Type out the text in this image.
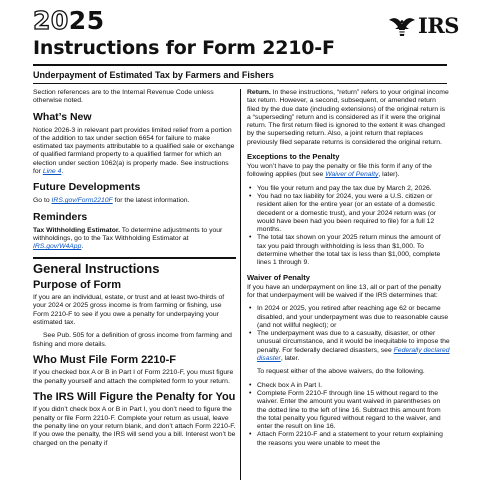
2025	IRS
Instructions for Form 2210-F
Underpayment of Estimated Tax by Farmers and Fishers

Section references are to the Internal Revenue Code unless otherwise noted.

What’s New

Notice 2026-3 in relevant part provides limited relief from a portion of the addition to tax under section 6654 for failure to make estimated tax payments attributable to a qualified sale or exchange of qualified farmland property to a qualified farmer for which an election under section 1062(a) is properly made. See instructions for Line 4.

Future Developments

Go to IRS.gov/Form2210F for the latest information.

Reminders

Tax Withholding Estimator. To determine adjustments to your withholdings, go to the Tax Withholding Estimator at IRS.gov/W4App.

General Instructions
Purpose of Form

If you are an individual, estate, or trust and at least two-thirds of your 2024 or 2025 gross income is from farming or fishing, use Form 2210-F to see if you owe a penalty for underpaying your estimated tax.

See Pub. 505 for a definition of gross income from farming and fishing and more details.

Who Must File Form 2210-F

If you checked box A or B in Part I of Form 2210-F, you must figure the penalty yourself and attach the completed form to your return.

The IRS Will Figure the Penalty for You

If you didn’t check box A or B in Part I, you don’t need to figure the penalty or file Form 2210-F. Complete your return as usual, leave the penalty line on your return blank, and don’t attach Form 2210-F. If you owe the penalty, the IRS will send you a bill. Interest won’t be charged on the penalty if

Return. In these instructions, “return” refers to your original income tax return. However, a second, subsequent, or amended return filed by the due date (including extensions) of the original return is a “superseding” return and is considered as if it were the original return. The first return filed is ignored to the extent it was changed by the superseding return. Also, a joint return that replaces previously filed separate returns is considered the original return.

Exceptions to the Penalty

You won’t have to pay the penalty or file this form if any of the following applies (but see Waiver of Penalty, later).

• You file your return and pay the tax due by March 2, 2026.
• You had no tax liability for 2024, you were a U.S. citizen or resident alien for the entire year (or an estate of a domestic decedent or a domestic trust), and your 2024 return was (or would have been had you been required to file) for a full 12 months.
• The total tax shown on your 2025 return minus the amount of tax you paid through withholding is less than $1,000. To determine whether the total tax is less than $1,000, complete lines 1 through 9.
Waiver of Penalty

If you have an underpayment on line 13, all or part of the penalty for that underpayment will be waived if the IRS determines that:

• In 2024 or 2025, you retired after reaching age 62 or became disabled, and your underpayment was due to reasonable cause (and not willful neglect); or
• The underpayment was due to a casualty, disaster, or other unusual circumstance, and it would be inequitable to impose the penalty. For federally declared disasters, see Federally declared disaster, later.

To request either of the above waivers, do the following.

• Check box A in Part I.
• Complete Form 2210-F through line 15 without regard to the waiver. Enter the amount you want waived in parentheses on the dotted line to the left of line 16. Subtract this amount from the total penalty you figured without regard to the waiver, and enter the result on line 16.
• Attach Form 2210-F and a statement to your return explaining the reasons you were unable to meet the
